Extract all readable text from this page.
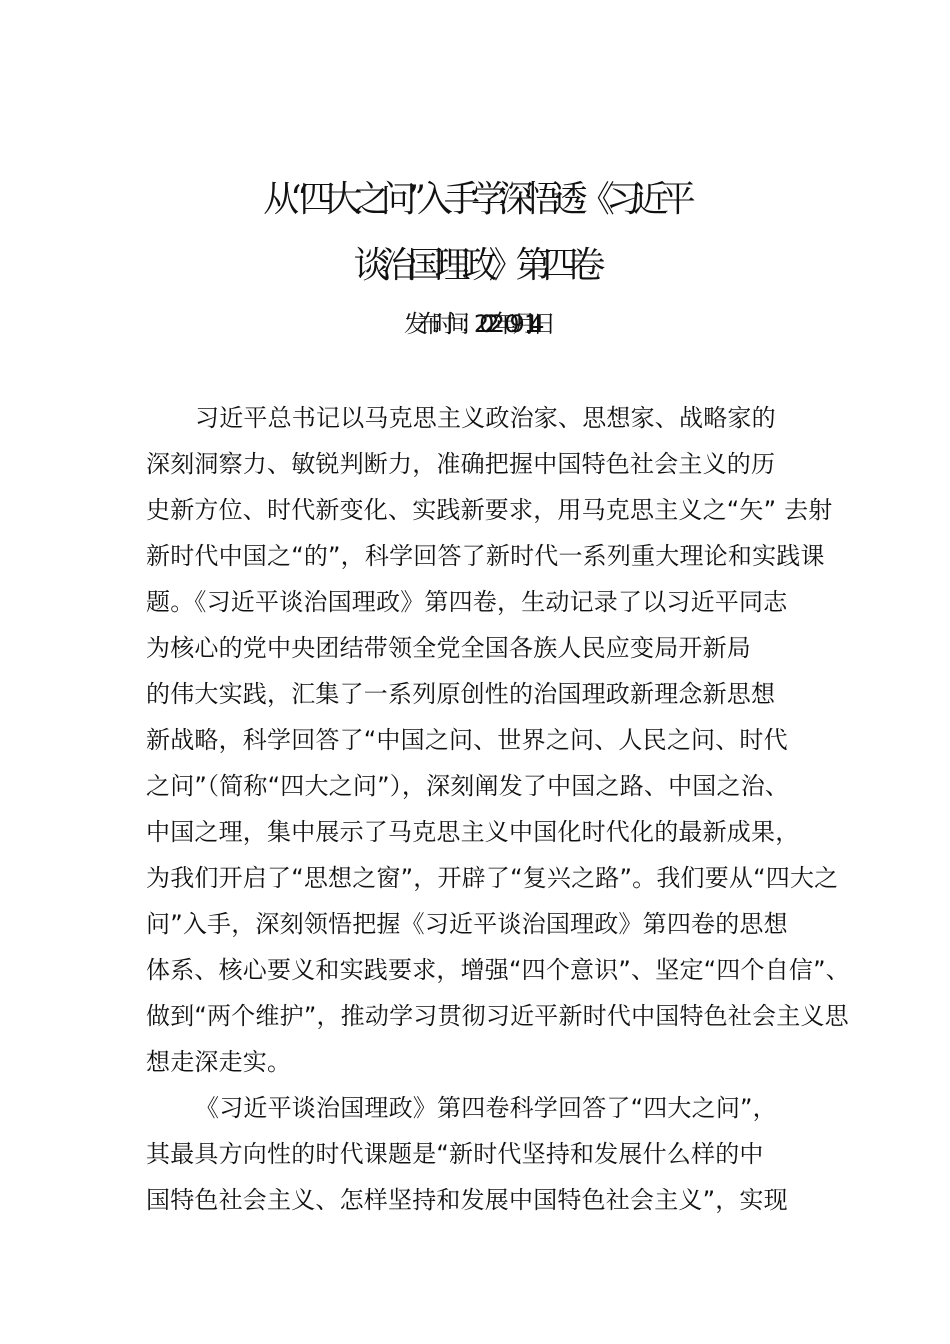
从“四大之问”入手学深悟透《习近平
谈治国理政》第四卷
发布时间：2022 年 09 月 14 日
习近平总书记以马克思主义政治家、思想家、战略家的
深刻洞察力、敏锐判断力，准确把握中国特色社会主义的历
史新方位、时代新变化、实践新要求，用马克思主义之“矢” 去射
新时代中国之“的”，科学回答了新时代一系列重大理论和实践课
题。《习近平谈治国理政》第四卷，生动记录了以习近平同志
为核心的党中央团结带领全党全国各族人民应变局开新局
的伟大实践，汇集了一系列原创性的治国理政新理念新思想
新战略，科学回答了“中国之问、世界之问、人民之问、时代
之问”（简称“四大之问”），深刻阐发了中国之路、中国之治、
中国之理，集中展示了马克思主义中国化时代化的最新成果，
为我们开启了“思想之窗”，开辟了“复兴之路”。我们要从“四大之
问”入手，深刻领悟把握《习近平谈治国理政》第四卷的思想
体系、核心要义和实践要求，增强“四个意识”、坚定“四个自信”、
做到“两个维护”，推动学习贯彻习近平新时代中国特色社会主义思
想走深走实。
《习近平谈治国理政》第四卷科学回答了“四大之问”，
其最具方向性的时代课题是“新时代坚持和发展什么样的中
国特色社会主义、怎样坚持和发展中国特色社会主义”，实现
